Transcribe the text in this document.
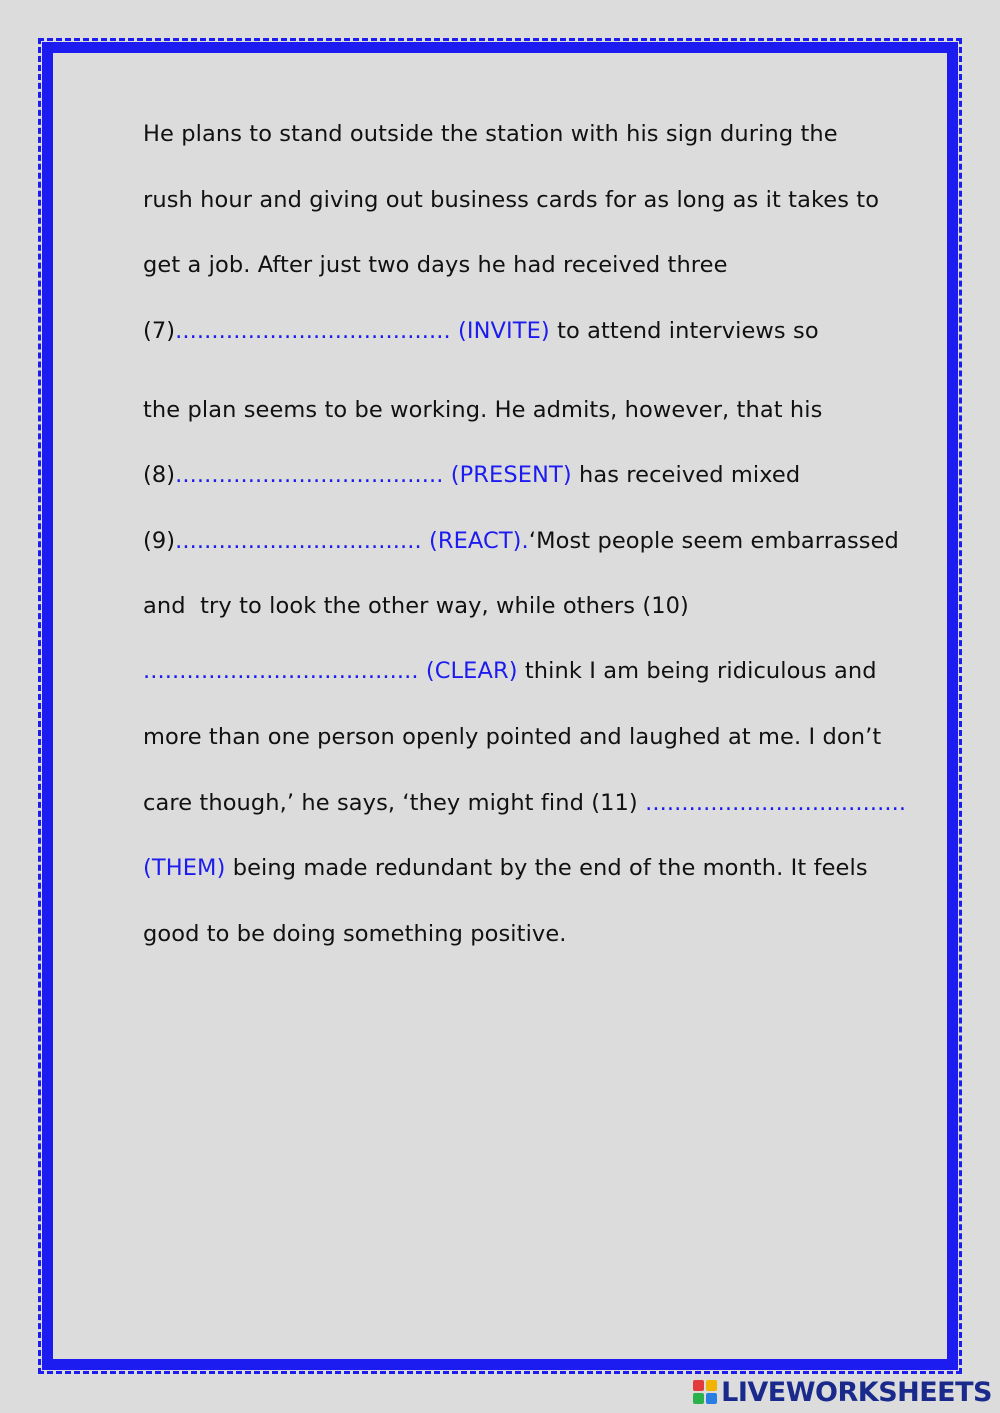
He plans to stand outside the station with his sign during the
rush hour and giving out business cards for as long as it takes to
get a job. After just two days he had received three
(7)...................................... (INVITE) to attend interviews so
the plan seems to be working. He admits, however, that his
(8)..................................... (PRESENT) has received mixed
(9).................................. (REACT).‘Most people seem embarrassed
and  try to look the other way, while others (10)
...................................... (CLEAR) think I am being ridiculous and
more than one person openly pointed and laughed at me. I don’t
care though,’ he says, ‘they might find (11) ....................................
(THEM) being made redundant by the end of the month. It feels
good to be doing something positive.
LIVEWORKSHEETS
